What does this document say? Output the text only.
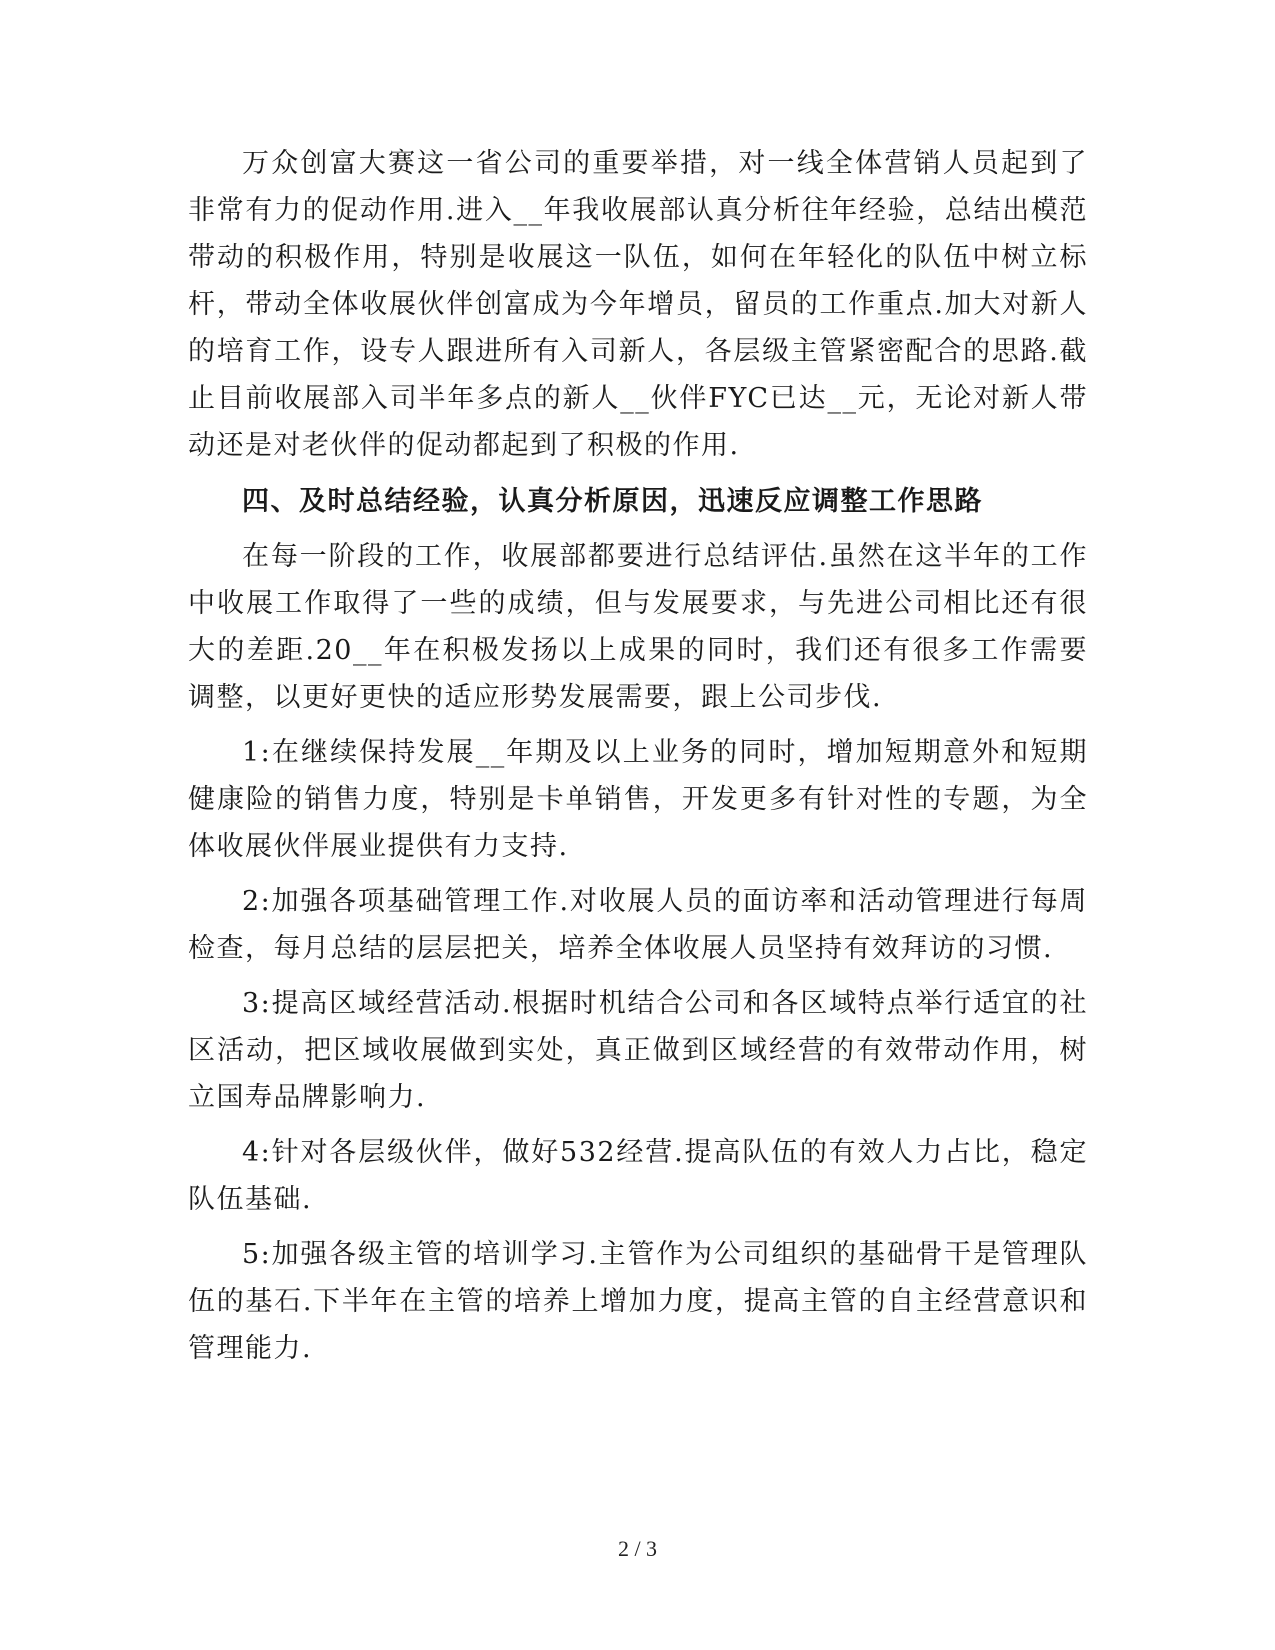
万众创富大赛这一省公司的重要举措，对一线全体营销人员起到了非常有力的促动作用.进入__年我收展部认真分析往年经验，总结出模范带动的积极作用，特别是收展这一队伍，如何在年轻化的队伍中树立标杆，带动全体收展伙伴创富成为今年增员，留员的工作重点.加大对新人的培育工作，设专人跟进所有入司新人，各层级主管紧密配合的思路.截止目前收展部入司半年多点的新人__伙伴FYC已达__元，无论对新人带动还是对老伙伴的促动都起到了积极的作用.

四、及时总结经验，认真分析原因，迅速反应调整工作思路

在每一阶段的工作，收展部都要进行总结评估.虽然在这半年的工作中收展工作取得了一些的成绩，但与发展要求，与先进公司相比还有很大的差距.20__年在积极发扬以上成果的同时，我们还有很多工作需要调整，以更好更快的适应形势发展需要，跟上公司步伐.

1:在继续保持发展__年期及以上业务的同时，增加短期意外和短期健康险的销售力度，特别是卡单销售，开发更多有针对性的专题，为全体收展伙伴展业提供有力支持.

2:加强各项基础管理工作.对收展人员的面访率和活动管理进行每周检查，每月总结的层层把关，培养全体收展人员坚持有效拜访的习惯.

3:提高区域经营活动.根据时机结合公司和各区域特点举行适宜的社区活动，把区域收展做到实处，真正做到区域经营的有效带动作用，树立国寿品牌影响力.

4:针对各层级伙伴，做好532经营.提高队伍的有效人力占比，稳定队伍基础.

5:加强各级主管的培训学习.主管作为公司组织的基础骨干是管理队伍的基石.下半年在主管的培养上增加力度，提高主管的自主经营意识和管理能力.

2 / 3
